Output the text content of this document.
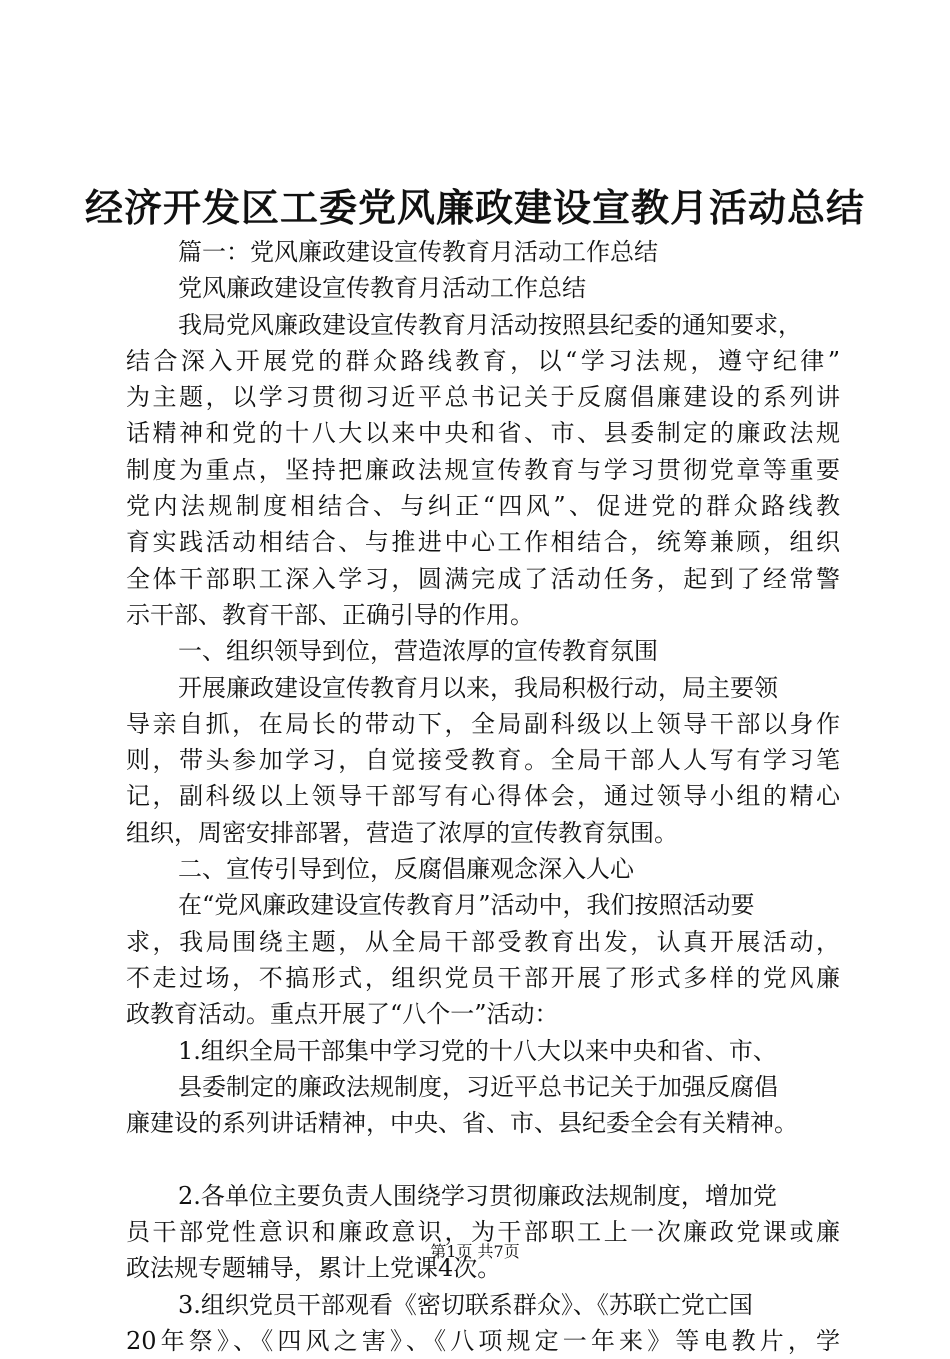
经济开发区工委党风廉政建设宣教月活动总结
篇一：党风廉政建设宣传教育月活动工作总结
党风廉政建设宣传教育月活动工作总结
我局党风廉政建设宣传教育月活动按照县纪委的通知要求，
结合深入开展党的群众路线教育，以“学习法规，遵守纪律”
为主题，以学习贯彻习近平总书记关于反腐倡廉建设的系列讲
话精神和党的十八大以来中央和省、市、县委制定的廉政法规
制度为重点，坚持把廉政法规宣传教育与学习贯彻党章等重要
党内法规制度相结合、与纠正“四风”、促进党的群众路线教
育实践活动相结合、与推进中心工作相结合，统筹兼顾，组织
全体干部职工深入学习，圆满完成了活动任务，起到了经常警
示干部、教育干部、正确引导的作用。
一、组织领导到位，营造浓厚的宣传教育氛围
开展廉政建设宣传教育月以来，我局积极行动，局主要领
导亲自抓，在局长的带动下，全局副科级以上领导干部以身作
则，带头参加学习，自觉接受教育。全局干部人人写有学习笔
记，副科级以上领导干部写有心得体会，通过领导小组的精心
组织，周密安排部署，营造了浓厚的宣传教育氛围。
二、宣传引导到位，反腐倡廉观念深入人心
在“党风廉政建设宣传教育月”活动中，我们按照活动要
求，我局围绕主题，从全局干部受教育出发，认真开展活动，
不走过场，不搞形式，组织党员干部开展了形式多样的党风廉
政教育活动。重点开展了“八个一”活动：
1.组织全局干部集中学习党的十八大以来中央和省、市、
县委制定的廉政法规制度，习近平总书记关于加强反腐倡
廉建设的系列讲话精神，中央、省、市、县纪委全会有关精神。
2.各单位主要负责人围绕学习贯彻廉政法规制度，增加党
员干部党性意识和廉政意识，为干部职工上一次廉政党课或廉
政法规专题辅导，累计上党课4次。
3.组织党员干部观看《密切联系群众》、《苏联亡党亡国
20年祭》、《四风之害》、《八项规定一年来》等电教片，学
第1页 共7页
